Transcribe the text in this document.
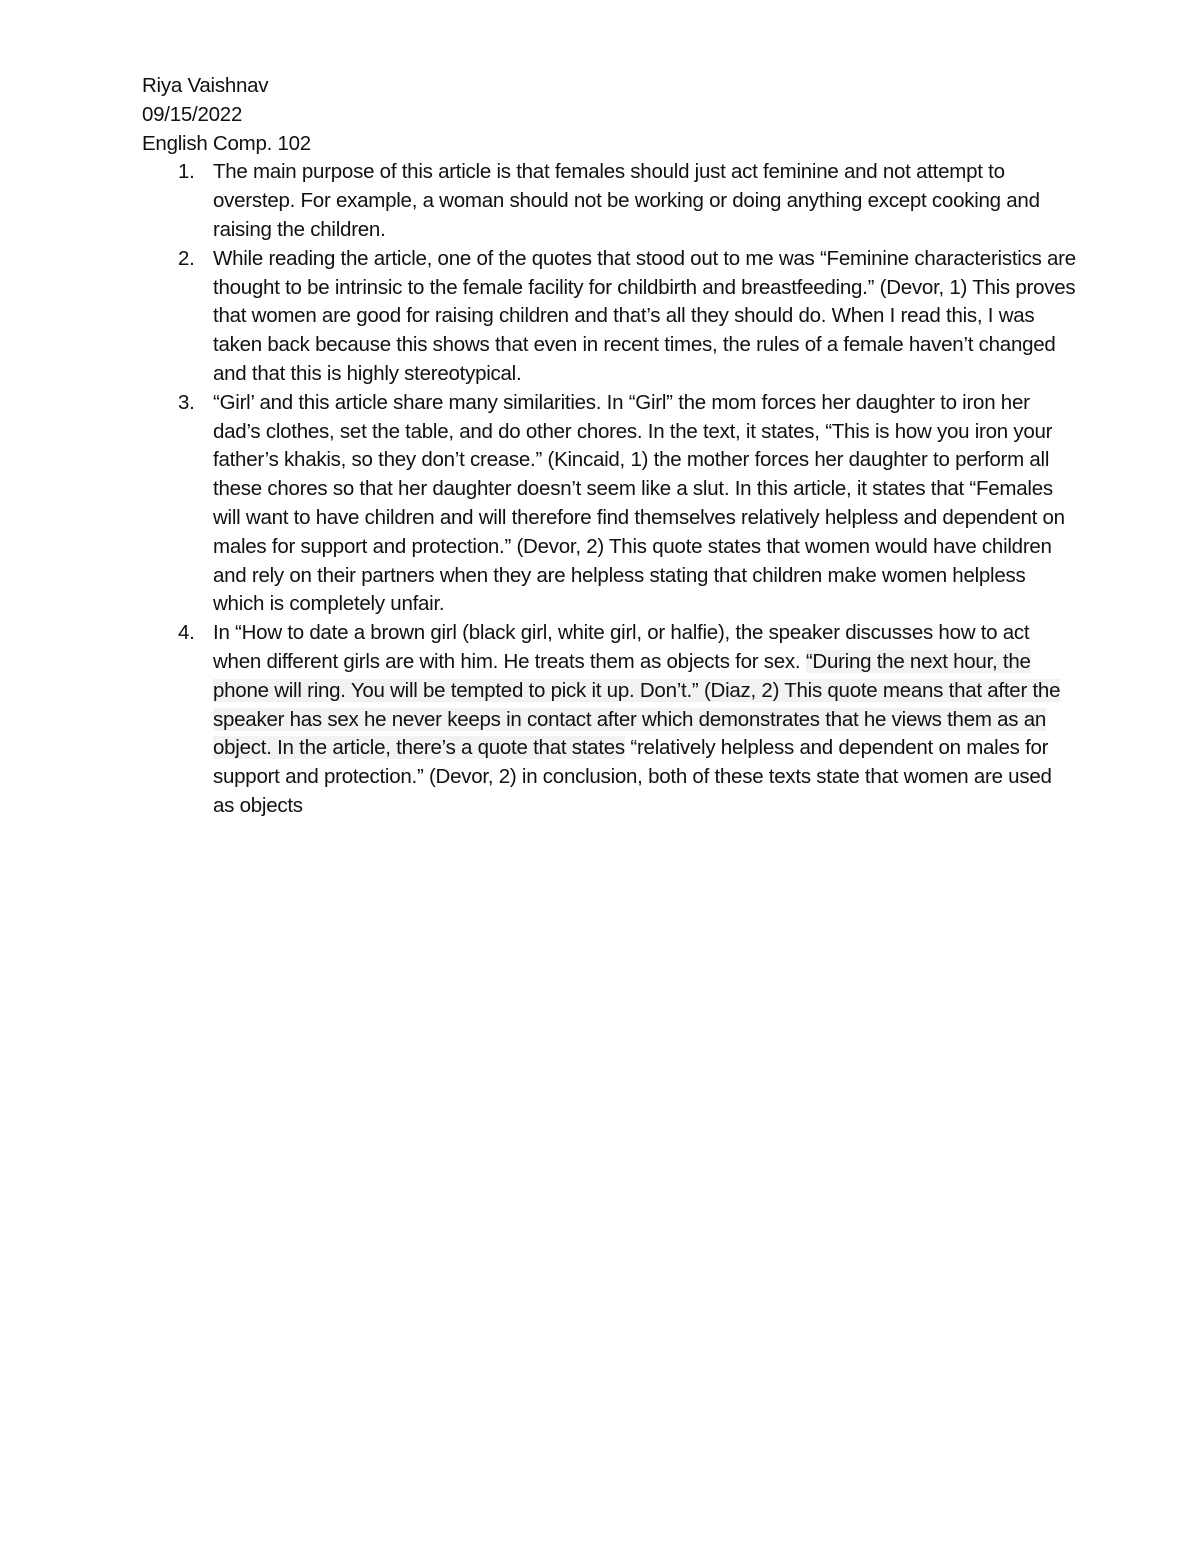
Riya Vaishnav
09/15/2022
English Comp. 102
1. The main purpose of this article is that females should just act feminine and not attempt to overstep. For example, a woman should not be working or doing anything except cooking and raising the children.
2. While reading the article, one of the quotes that stood out to me was “Feminine characteristics are thought to be intrinsic to the female facility for childbirth and breastfeeding.” (Devor, 1) This proves that women are good for raising children and that’s all they should do. When I read this, I was taken back because this shows that even in recent times, the rules of a female haven’t changed and that this is highly stereotypical.
3. “Girl’ and this article share many similarities. In “Girl” the mom forces her daughter to iron her dad’s clothes, set the table, and do other chores. In the text, it states, “This is how you iron your father’s khakis, so they don’t crease.” (Kincaid, 1) the mother forces her daughter to perform all these chores so that her daughter doesn’t seem like a slut. In this article, it states that “Females will want to have children and will therefore find themselves relatively helpless and dependent on males for support and protection.” (Devor, 2) This quote states that women would have children and rely on their partners when they are helpless stating that children make women helpless which is completely unfair.
4. In “How to date a brown girl (black girl, white girl, or halfie), the speaker discusses how to act when different girls are with him. He treats them as objects for sex. “During the next hour, the phone will ring. You will be tempted to pick it up. Don’t.” (Diaz, 2) This quote means that after the speaker has sex he never keeps in contact after which demonstrates that he views them as an object. In the article, there’s a quote that states “relatively helpless and dependent on males for support and protection.” (Devor, 2) in conclusion, both of these texts state that women are used as objects
